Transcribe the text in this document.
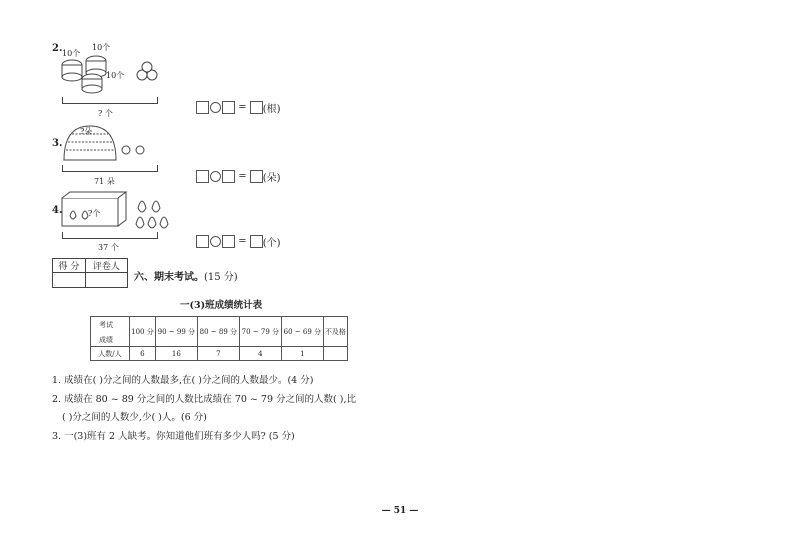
2. 10个
10个
10个
? 个
= (根)
3.
?朵
71 朵	= (朵)
4.	?个
37 个
= (个)
得 分	评卷人

六、期末考试。(15 分)
一(3)班成绩统计表
考试
成绩	100 分	90 ~ 99 分	80 ~ 89 分	70 ~ 79 分	60 ~ 69 分	不及格
人数/人	6	16	7	4	1	
1. 成绩在( )分之间的人数最多,在( )分之间的人数最少。(4 分)
2. 成绩在 80 ~ 89 分之间的人数比成绩在 70 ~ 79 分之间的人数( ),比
( )分之间的人数少,少( )人。(6 分)
3. 一(3)班有 2 人缺考。你知道他们班有多少人吗? (5 分)
— 51 —
